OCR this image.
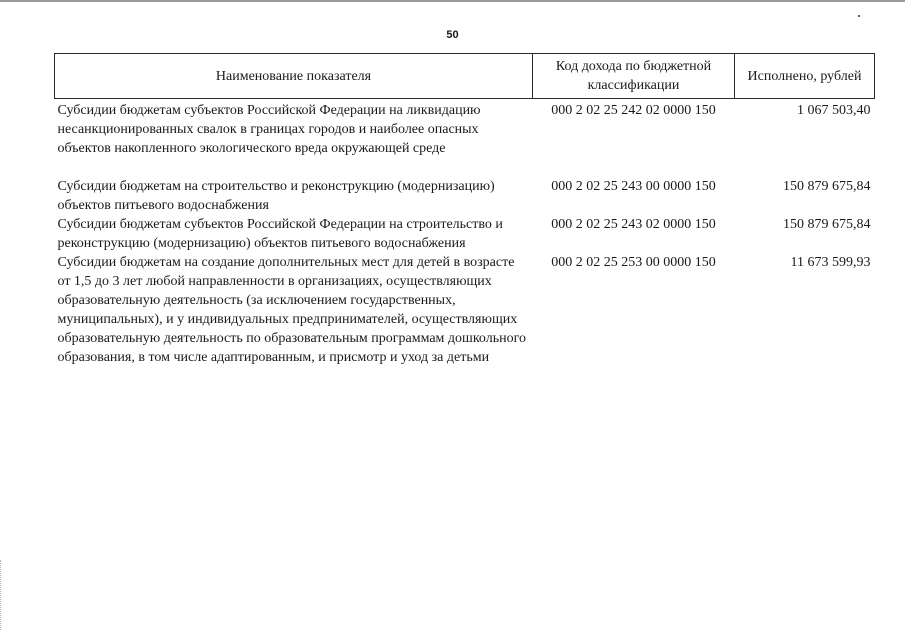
50
Наименование показателя	Код дохода по бюджетной классификации	Исполнено, рублей
Субсидии бюджетам субъектов Российской Федерации на ликвидацию несанкционированных свалок в границах городов и наиболее опасных объектов накопленного экологического вреда окружающей среде	000 2 02 25 242 02 0000 150	1 067 503,40
Субсидии бюджетам на строительство и реконструкцию (модернизацию) объектов питьевого водоснабжения	000 2 02 25 243 00 0000 150	150 879 675,84
Субсидии бюджетам субъектов Российской Федерации на строительство и реконструкцию (модернизацию) объектов питьевого водоснабжения	000 2 02 25 243 02 0000 150	150 879 675,84
Субсидии бюджетам на создание дополнительных мест для детей в возрасте от 1,5 до 3 лет любой направленности в организациях, осуществляющих образовательную деятельность (за исключением государственных, муниципальных), и у индивидуальных предпринимателей, осуществляющих образовательную деятельность по образовательным программам дошкольного образования, в том числе адаптированным, и присмотр и уход за детьми	000 2 02 25 253 00 0000 150	11 673 599,93
